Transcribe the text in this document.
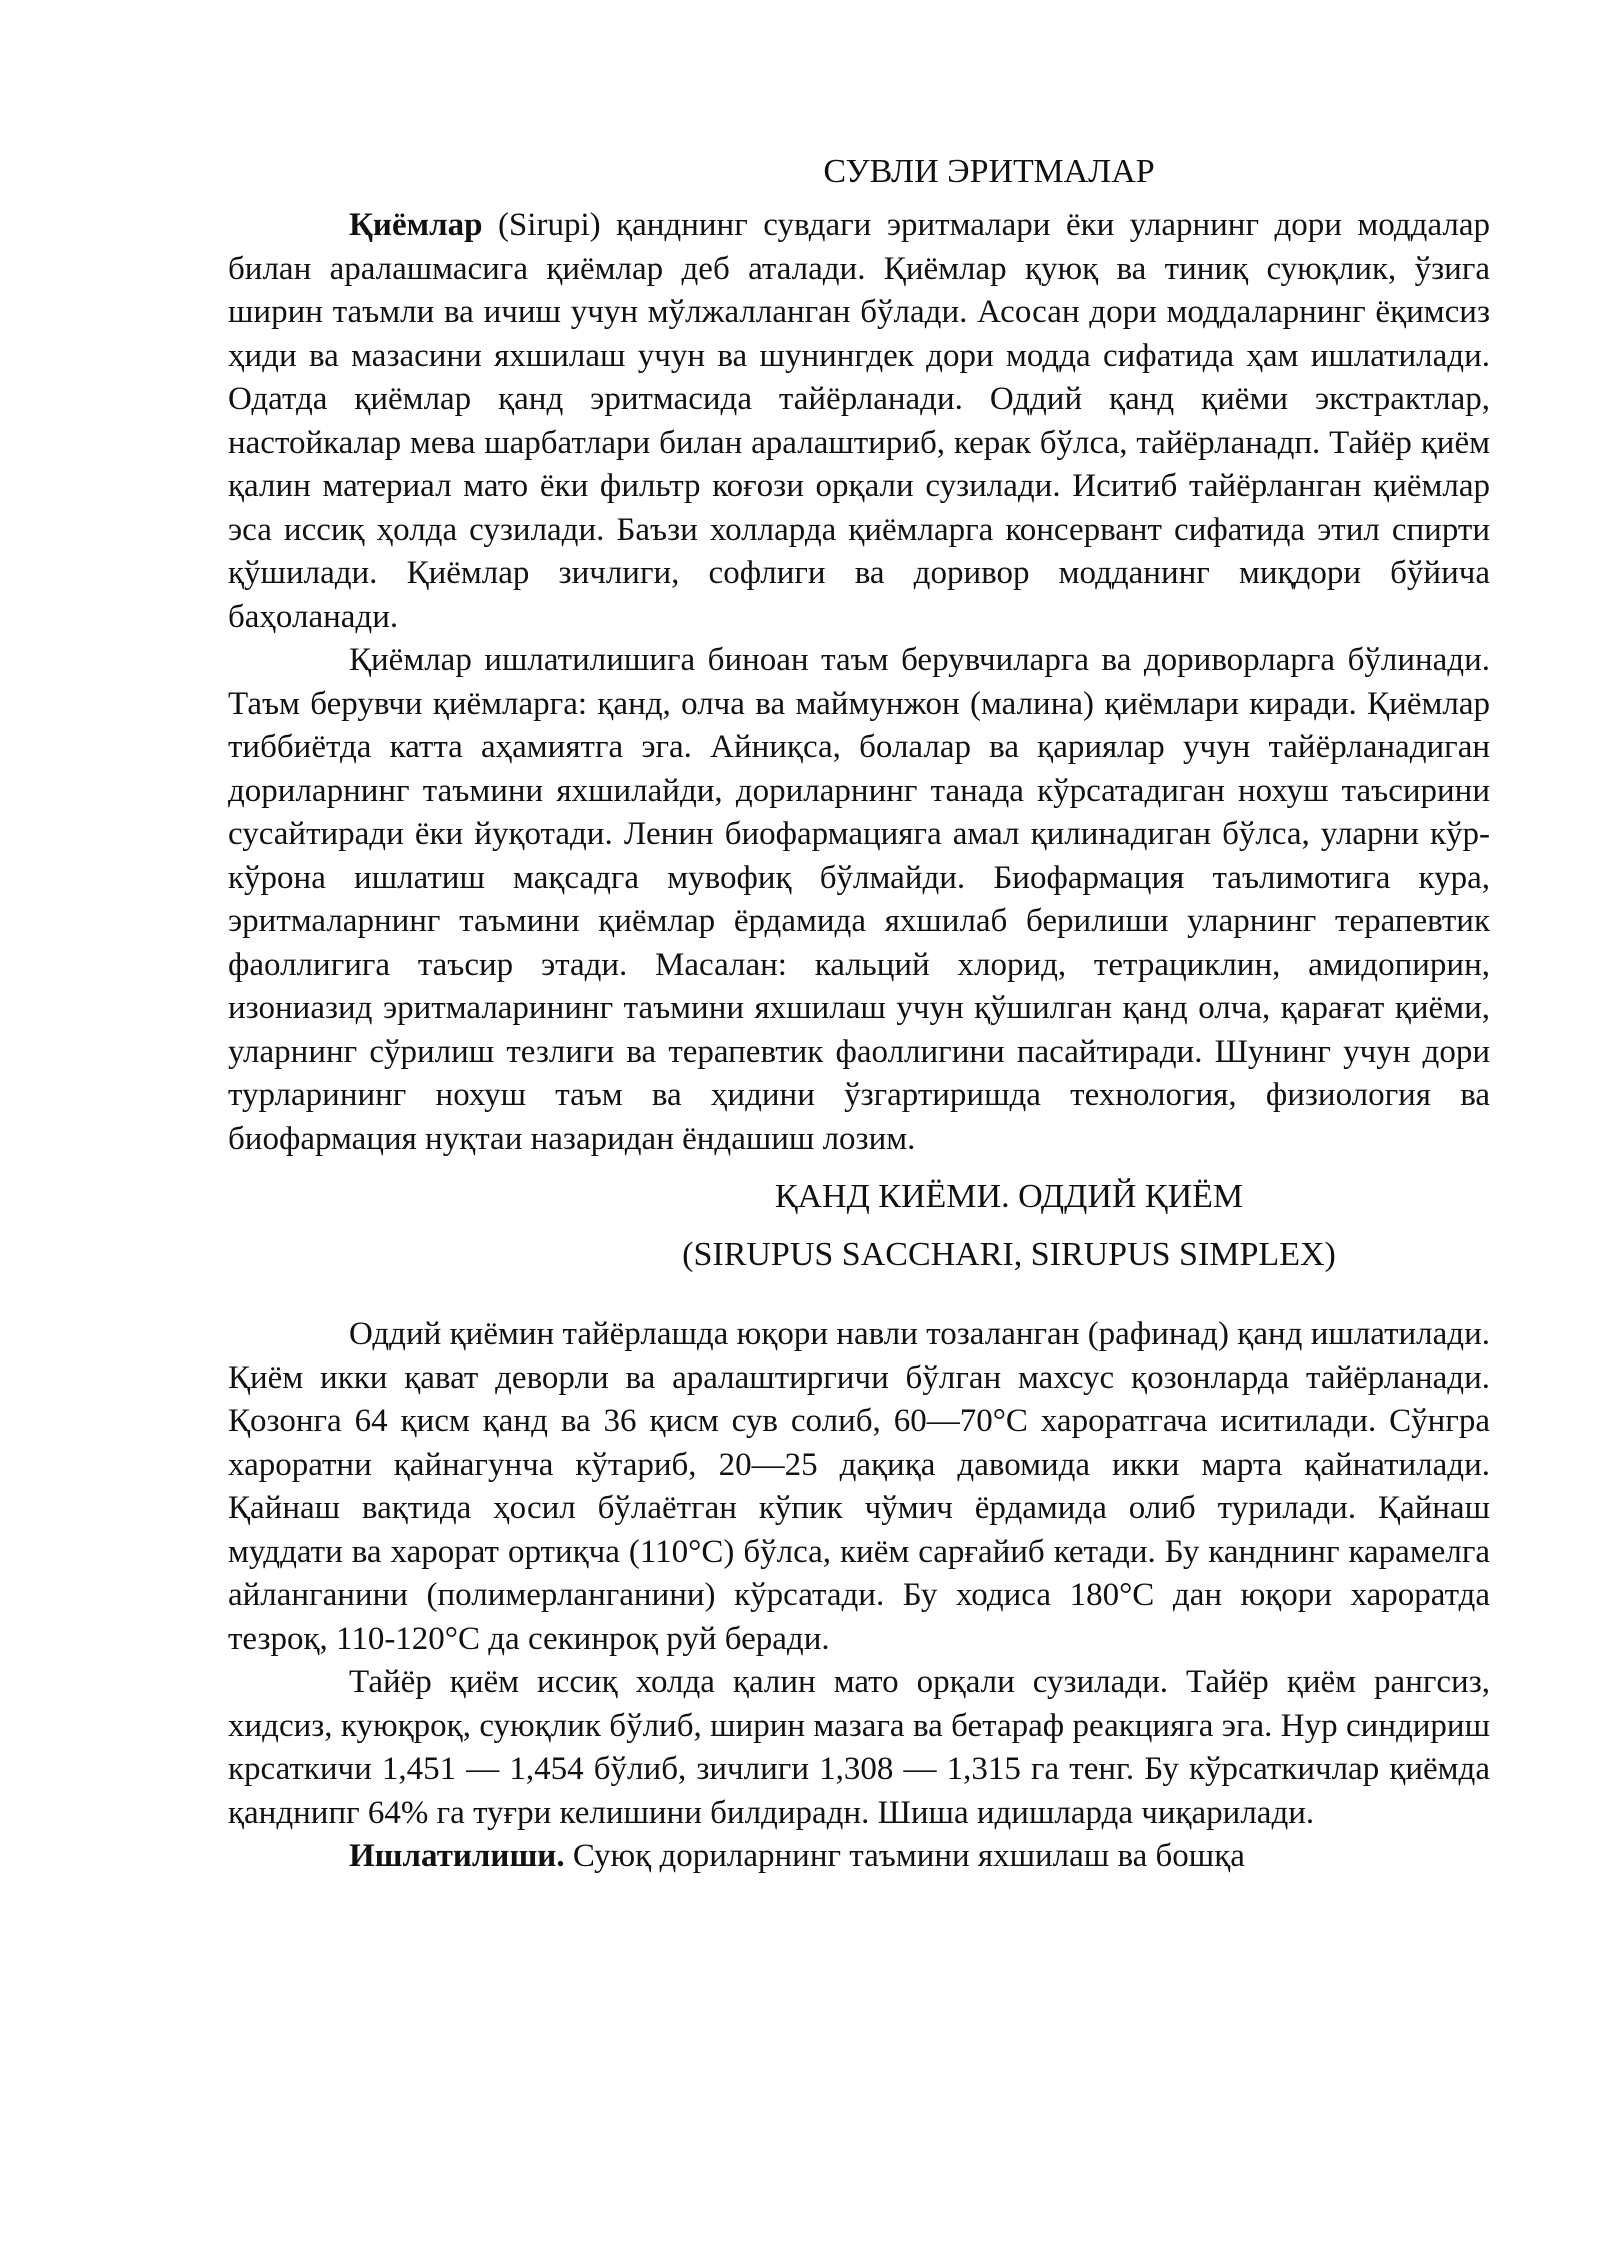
СУВЛИ ЭРИТМАЛАР

Қиёмлар (Sirupi) қанднинг сувдаги эритмалари ёки уларнинг дори моддалар билан аралашмасига қиёмлар деб аталади. Қиёмлар қуюқ ва тиниқ суюқлик, ўзига ширин таъмли ва ичиш учун мўлжалланган бўлади. Асосан дори моддаларнинг ёқимсиз ҳиди ва мазасини яхшилаш учун ва шунингдек дори модда сифатида ҳам ишлатилади. Одатда қиёмлар қанд эритмасида тайёрланади. Оддий қанд қиёми экстрактлар, настойкалар мева шарбатлари билан аралаштириб, керак бўлса, тайёрланадп. Тайёр қиём қалин материал мато ёки фильтр коғози орқали сузилади. Иситиб тайёрланган қиёмлар эса иссиқ ҳолда сузилади. Баъзи холларда қиёмларга консервант сифатида этил спирти қўшилади. Қиёмлар зичлиги, софлиги ва доривор модданинг миқдори бўйича баҳоланади.

Қиёмлар ишлатилишига биноан таъм берувчиларга ва дориворларга бўлинади. Таъм берувчи қиёмларга: қанд, олча ва маймунжон (малина) қиёмлари киради. Қиёмлар тиббиётда катта аҳамиятга эга. Айниқса, болалар ва қариялар учун тайёрланадиган дориларнинг таъмини яхшилайди, дориларнинг танада кўрсатадиган нохуш таъсирини сусайтиради ёки йуқотади. Ленин биофармацияга амал қилинадиган бўлса, уларни кўр-кўрона ишлатиш мақсадга мувофиқ бўлмайди. Биофармация таълимотига кура, эритмаларнинг таъмини қиёмлар ёрдамида яхшилаб берилиши уларнинг терапевтик фаоллигига таъсир этади. Масалан: кальций хлорид, тетрациклин, амидопирин, изониазид эритмаларининг таъмини яхшилаш учун қўшилган қанд олча, қарағат қиёми, уларнинг сўрилиш тезлиги ва терапевтик фаоллигини пасайтиради. Шунинг учун дори турларининг нохуш таъм ва ҳидини ўзгартиришда технология, физиология ва биофармация нуқтаи назаридан ёндашиш лозим.

ҚАНД КИЁМИ. ОДДИЙ ҚИЁМ
(SIRUPUS SACCHARI, SIRUPUS SIMPLEX)

Оддий қиёмин тайёрлашда юқори навли тозаланган (рафинад) қанд ишлатилади. Қиём икки қават деворли ва аралаштиргичи бўлган махсус қозонларда тайёрланади. Қозонга 64 қисм қанд ва 36 қисм сув солиб, 60—70°С хароратгача иситилади. Сўнгра хароратни қайнагунча кўтариб, 20—25 дақиқа давомида икки марта қайнатилади. Қайнаш вақтида ҳосил бўлаётган кўпик чўмич ёрдамида олиб турилади. Қайнаш муддати ва харорат ортиқча (110°С) бўлса, киём сарғайиб кетади. Бу канднинг карамелга айланганини (полимерланганини) кўрсатади. Бу ходиса 180°С дан юқори хароратда тезроқ, 110-120°С да секинроқ руй беради.

Тайёр қиём иссиқ холда қалин мато орқали сузилади. Тайёр қиём рангсиз, хидсиз, куюқроқ, суюқлик бўлиб, ширин мазага ва бетараф реакцияга эга. Нур синдириш крсаткичи 1,451 — 1,454 бўлиб, зичлиги 1,308 — 1,315 га тенг. Бу кўрсаткичлар қиёмда қанднипг 64% га туғри келишини билдирадн. Шиша идишларда чиқарилади.

Ишлатилиши. Суюқ дориларнинг таъмини яхшилаш ва бошқа
